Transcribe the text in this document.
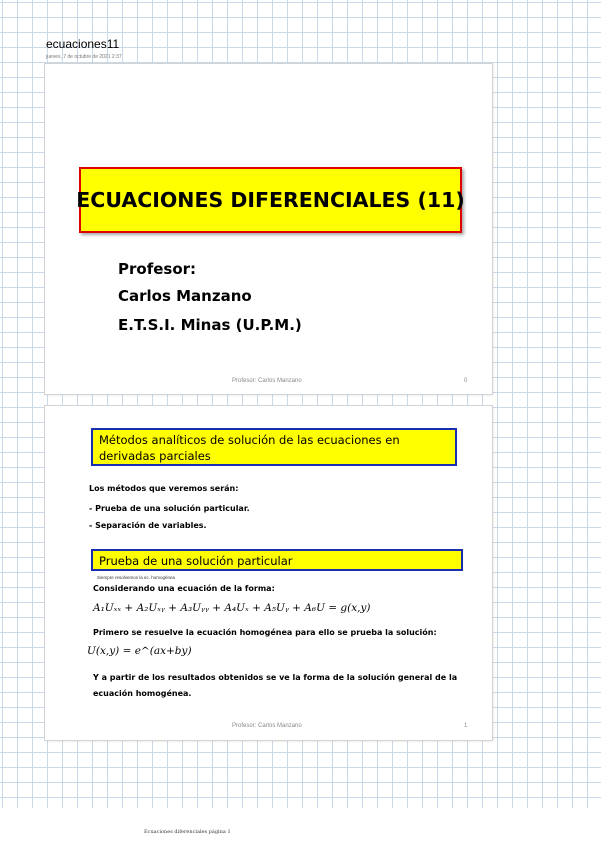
ecuaciones11
jueves, 7 de octubre de 2021 2:37
ECUACIONES DIFERENCIALES (11)
Profesor:
Carlos Manzano
E.T.S.I. Minas (U.P.M.)
Profesor: Carlos Manzano	0
Métodos analíticos de solución de las ecuaciones en derivadas parciales
Los métodos que veremos serán:
- Prueba de una solución particular.
- Separación de variables.
Prueba de una solución particular
Siempre resolvemos la ec. homogénea
Considerando una ecuación de la forma:
A₁Uₓₓ + A₂Uₓᵧ + A₃Uᵧᵧ + A₄Uₓ + A₅Uᵧ + A₆U = g(x,y)
Primero se resuelve la ecuación homogénea para ello se prueba la solución:
U(x,y) = e^(ax+by)
Y a partir de los resultados obtenidos se ve la forma de la solución general de la
ecuación homogénea.
Profesor: Carlos Manzano	1
Ecuaciones diferenciales página 1
